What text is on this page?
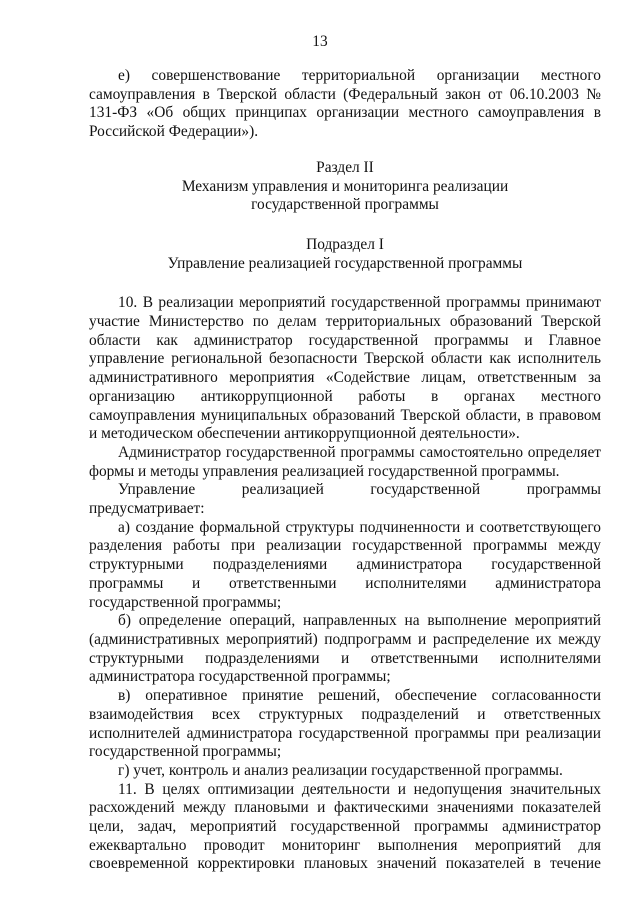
13

е) совершенствование территориальной организации местного самоуправления в Тверской области (Федеральный закон от 06.10.2003 № 131-ФЗ «Об общих принципах организации местного самоуправления в Российской Федерации»).

Раздел II

Механизм управления и мониторинга реализации

государственной программы

Подраздел I

Управление реализацией государственной программы

10. В реализации мероприятий государственной программы принимают участие Министерство по делам территориальных образований Тверской области как администратор государственной программы и Главное управление региональной безопасности Тверской области как исполнитель административного мероприятия «Содействие лицам, ответственным за организацию антикоррупционной работы в органах местного самоуправления муниципальных образований Тверской области, в правовом и методическом обеспечении антикоррупционной деятельности».

Администратор государственной программы самостоятельно определяет формы и методы управления реализацией государственной программы.

Управление реализацией государственной программы

предусматривает:

а) создание формальной структуры подчиненности и соответствующего разделения работы при реализации государственной программы между структурными подразделениями администратора государственной программы и ответственными исполнителями администратора государственной программы;

б) определение операций, направленных на выполнение мероприятий (административных мероприятий) подпрограмм и распределение их между структурными подразделениями и ответственными исполнителями администратора государственной программы;

в) оперативное принятие решений, обеспечение согласованности взаимодействия всех структурных подразделений и ответственных исполнителей администратора государственной программы при реализации государственной программы;

г) учет, контроль и анализ реализации государственной программы.

11. В целях оптимизации деятельности и недопущения значительных расхождений между плановыми и фактическими значениями показателей цели, задач, мероприятий государственной программы администратор ежеквартально проводит мониторинг выполнения мероприятий для своевременной корректировки плановых значений показателей в течение
